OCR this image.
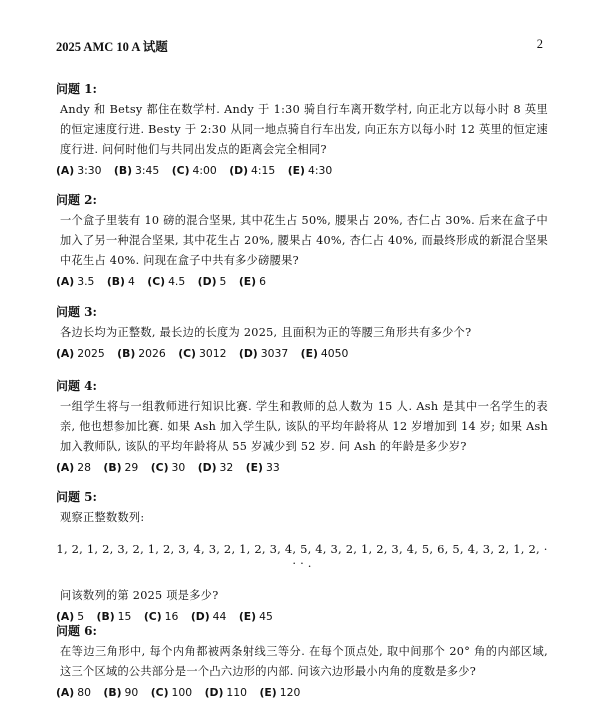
2025 AMC 10 A 试题	2
问题 1:

Andy 和 Betsy 都住在数学村. Andy 于 1:30 骑自行车离开数学村, 向正北方以每小时 8 英里的恒定速度行进. Besty 于 2:30 从同一地点骑自行车出发, 向正东方以每小时 12 英里的恒定速度行进. 问何时他们与共同出发点的距离会完全相同?

(A) 3:30 (B) 3:45 (C) 4:00 (D) 4:15 (E) 4:30
问题 2:

一个盒子里装有 10 磅的混合坚果, 其中花生占 50%, 腰果占 20%, 杏仁占 30%. 后来在盒子中加入了另一种混合坚果, 其中花生占 20%, 腰果占 40%, 杏仁占 40%, 而最终形成的新混合坚果中花生占 40%. 问现在盒子中共有多少磅腰果?

(A) 3.5 (B) 4 (C) 4.5 (D) 5 (E) 6
问题 3:

各边长均为正整数, 最长边的长度为 2025, 且面积为正的等腰三角形共有多少个?

(A) 2025 (B) 2026 (C) 3012 (D) 3037 (E) 4050
问题 4:

一组学生将与一组教师进行知识比赛. 学生和教师的总人数为 15 人. Ash 是其中一名学生的表亲, 他也想参加比赛. 如果 Ash 加入学生队, 该队的平均年龄将从 12 岁增加到 14 岁; 如果 Ash 加入教师队, 该队的平均年龄将从 55 岁减少到 52 岁. 问 Ash 的年龄是多少岁?

(A) 28 (B) 29 (C) 30 (D) 32 (E) 33
问题 5:

观察正整数数列:

1, 2, 1, 2, 3, 2, 1, 2, 3, 4, 3, 2, 1, 2, 3, 4, 5, 4, 3, 2, 1, 2, 3, 4, 5, 6, 5, 4, 3, 2, 1, 2, · · · .

问该数列的第 2025 项是多少?

(A) 5 (B) 15 (C) 16 (D) 44 (E) 45
问题 6:

在等边三角形中, 每个内角都被两条射线三等分. 在每个顶点处, 取中间那个 20° 角的内部区域, 这三个区域的公共部分是一个凸六边形的内部. 问该六边形最小内角的度数是多少?

(A) 80 (B) 90 (C) 100 (D) 110 (E) 120
